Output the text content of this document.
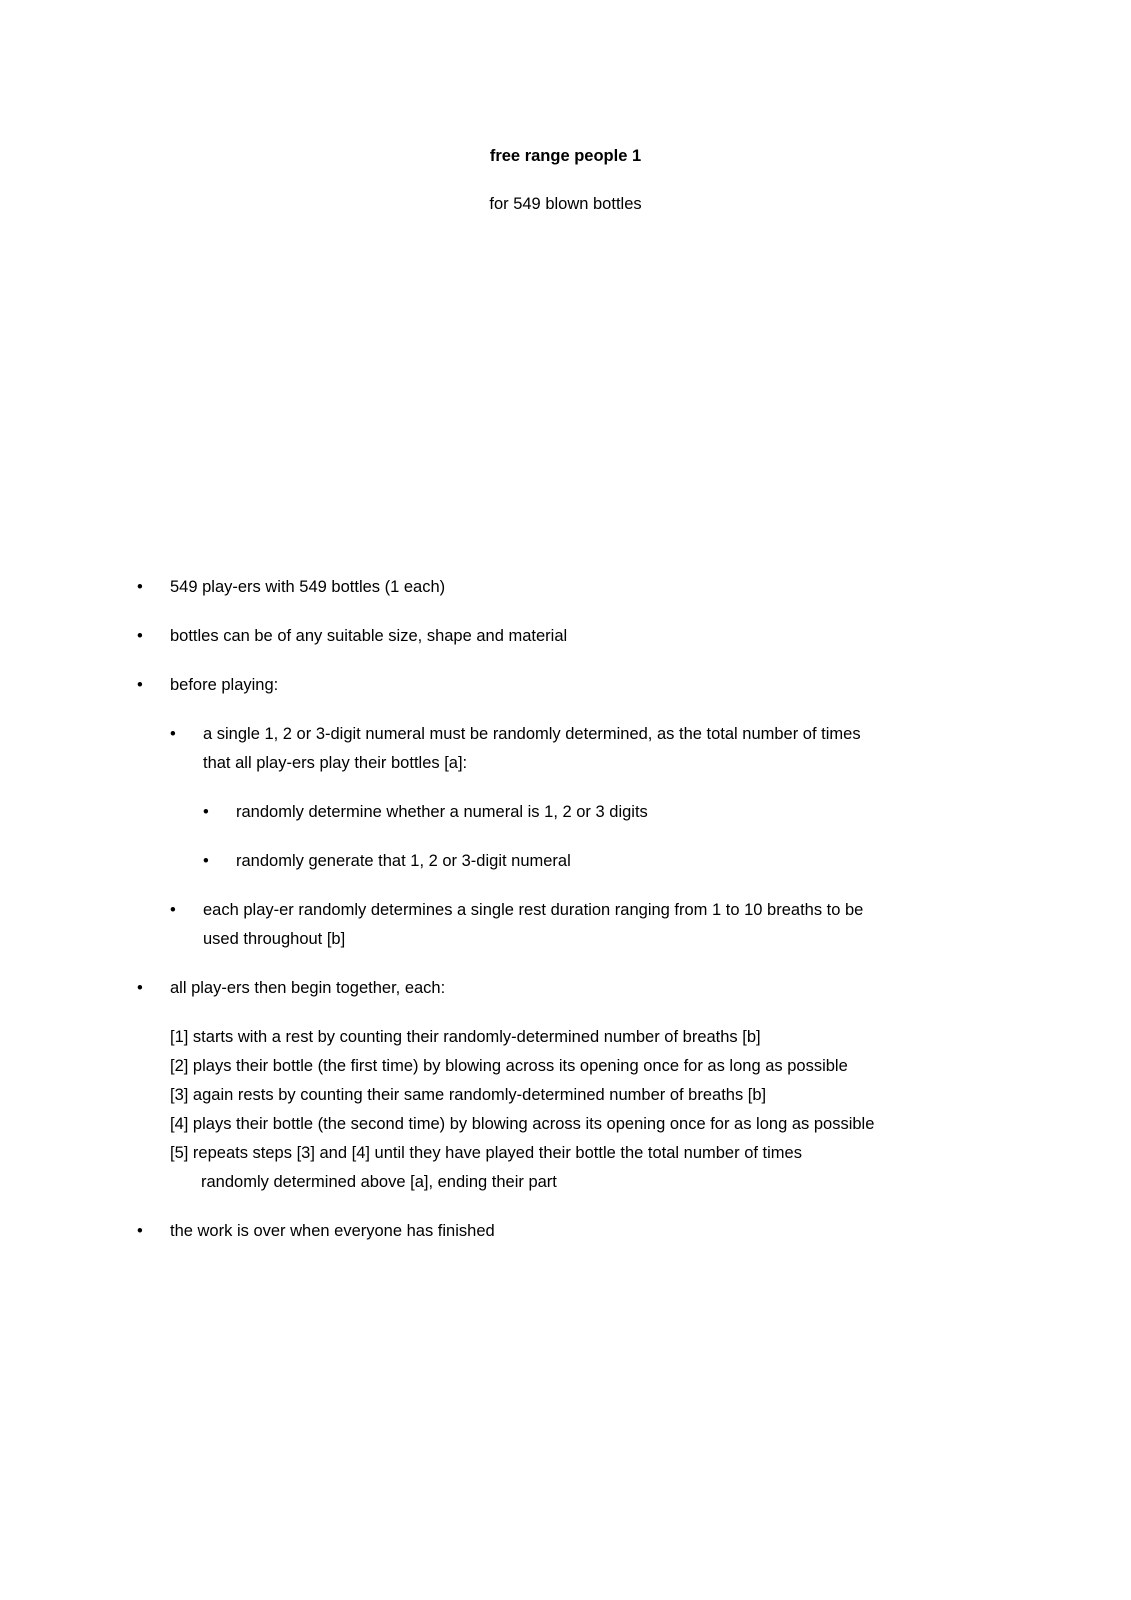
free range people 1
for 549 blown bottles
•	549 play-ers with 549 bottles (1 each)
•	bottles can be of any suitable size, shape and material
•	before playing:
•	a single 1, 2 or 3-digit numeral must be randomly determined, as the total number of times
that all play-ers play their bottles [a]:
•	randomly determine whether a numeral is 1, 2 or 3 digits
•	randomly generate that 1, 2 or 3-digit numeral
•	each play-er randomly determines a single rest duration ranging from 1 to 10 breaths to be
used throughout [b]
•	all play-ers then begin together, each:
[1] starts with a rest by counting their randomly-determined number of breaths [b]
[2] plays their bottle (the first time) by blowing across its opening once for as long as possible
[3] again rests by counting their same randomly-determined number of breaths [b]
[4] plays their bottle (the second time) by blowing across its opening once for as long as possible
[5] repeats steps [3] and [4] until they have played their bottle the total number of times
randomly determined above [a], ending their part
•	the work is over when everyone has finished
